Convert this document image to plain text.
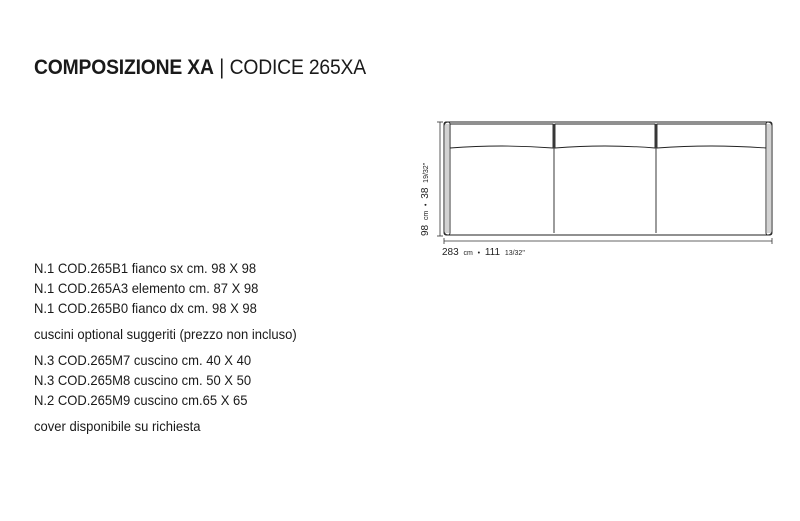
COMPOSIZIONE XA | CODICE 265XA
98 cm • 38 19/32"
283 cm • 111 13/32"
N.1 COD.265B1 fianco sx cm. 98 X 98
N.1 COD.265A3 elemento cm. 87 X 98
N.1 COD.265B0 fianco dx cm. 98 X 98
cuscini optional suggeriti (prezzo non incluso)
N.3 COD.265M7 cuscino cm. 40 X 40
N.3 COD.265M8 cuscino cm. 50 X 50
N.2 COD.265M9 cuscino cm.65 X 65
cover disponibile su richiesta
